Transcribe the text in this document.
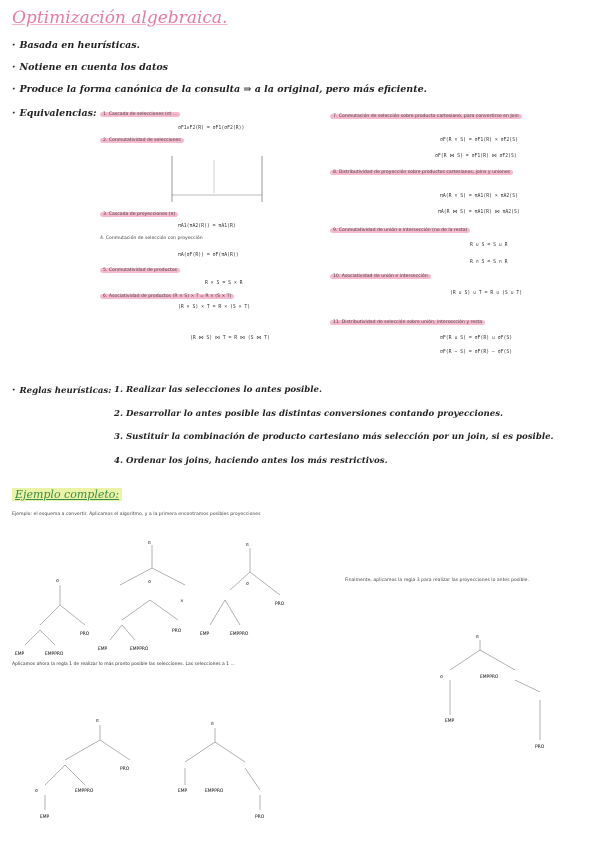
Optimización algebraica.
· Basada en heurísticas.
· Notiene en cuenta los datos
· Produce la forma canónica de la consulta ⇒ a la original, pero más eficiente.
· Equivalencias:	1. Cascada de selecciones (σ) ...
σF1∧F2(R) = σF1(σF2(R))
2. Conmutatividad de selecciones
3. Cascada de proyecciones (π)
πA1(πA2(R)) = πA1(R)
4. Conmutación de selección con proyección
πA(σF(R)) = σF(πA(R))
5. Conmutatividad de productos
R × S = S × R
6. Asociatividad de productos (R × S) × T = R × (S × T)
(R × S) × T = R × (S × T)
(R ⋈ S) ⋈ T = R ⋈ (S ⋈ T)
7. Conmutación de selección sobre producto cartesiano, para convertirse en Join
σF(R × S) = σF1(R) × σF2(S)
σF(R ⋈ S) = σF1(R) ⋈ σF2(S)
8. Distributividad de proyección sobre productos cartesianos, joins y uniones
πA(R × S) = πA1(R) × πA2(S)
πA(R ⋈ S) = πA1(R) ⋈ πA2(S)
9. Conmutatividad de unión e intersección (no de la resta)
R ∪ S = S ∪ R
R ∩ S = S ∩ R
10. Asociatividad de unión e intersección
(R ∪ S) ∪ T = R ∪ (S ∪ T)
11. Distributividad de selección sobre unión, intersección y resta
σF(R ∪ S) = σF(R) ∪ σF(S)
σF(R − S) = σF(R) − σF(S)
· Reglas heurísticas: 1. Realizar las selecciones lo antes posible.
2. Desarrollar lo antes posible las distintas conversiones contando proyecciones.
3. Sustituir la combinación de producto cartesiano más selección por un join, si es posible.
4. Ordenar los joins, haciendo antes los más restrictivos.
Ejemplo completo:
Ejemplo: el esquema a convertir. Aplicamos el algoritmo, y a la primera encontramos posibles proyecciones
Finalmente, aplicamos la regla 3 para realizar las proyecciones lo antes posible.
Aplicamos ahora la regla 1 de realizar lo más pronto posible las selecciones. Las selecciones a 1 ...
π
σ
×
EMP	EMPPRO
PRO
π
σ
EMP	EMPPRO
PRO
σ
EMP	EMPPRO
PRO
π
σ	EMPPRO
EMP
PRO
π
σ	EMPPRO
PRO
EMP
π
EMP	EMPPRO
PRO
